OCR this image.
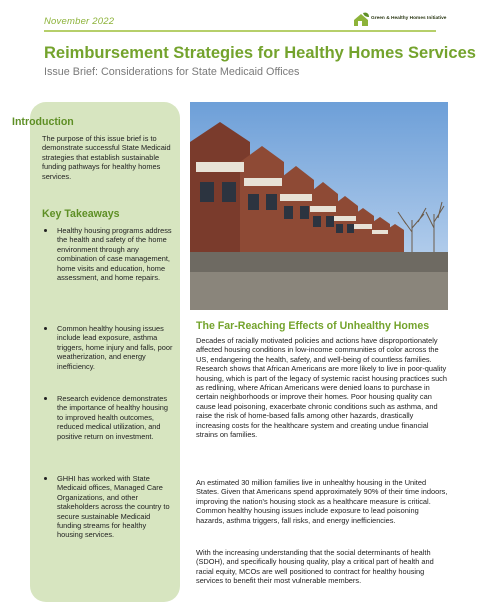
November 2022	Green & Healthy Homes Initiative
Reimbursement Strategies for Healthy Homes Services
Issue Brief: Considerations for State Medicaid Offices
Introduction

The purpose of this issue brief is to demonstrate successful State Medicaid strategies that establish sustainable funding pathways for healthy homes services.

Key Takeaways
Healthy housing programs address the health and safety of the home environment through any combination of case management, home visits and education, home assessment, and home repairs.
Common healthy housing issues include lead exposure, asthma triggers, home injury and falls, poor weatherization, and energy inefficiency.
Research evidence demonstrates the importance of healthy housing to improved health outcomes, reduced medical utilization, and positive return on investment.
GHHI has worked with State Medicaid offices, Managed Care Organizations, and other stakeholders across the country to secure sustainable Medicaid funding streams for healthy housing services.
The Far-Reaching Effects of Unhealthy Homes

Decades of racially motivated policies and actions have disproportionately affected housing conditions in low-income communities of color across the US, endangering the health, safety, and well-being of countless families. Research shows that African Americans are more likely to live in poor-quality housing, which is part of the legacy of systemic racist housing practices such as redlining, where African Americans were denied loans to purchase in certain neighborhoods or improve their homes. Poor housing quality can cause lead poisoning, exacerbate chronic conditions such as asthma, and raise the risk of home-based falls among other hazards, drastically increasing costs for the healthcare system and creating undue financial strains on families.

An estimated 30 million families live in unhealthy housing in the United States. Given that Americans spend approximately 90% of their time indoors, improving the nation's housing stock as a healthcare measure is critical. Common healthy housing issues include exposure to lead poisoning hazards, asthma triggers, fall risks, and energy inefficiencies.

With the increasing understanding that the social determinants of health (SDOH), and specifically housing quality, play a critical part of health and racial equity, MCOs are well positioned to contract for healthy housing services to benefit their most vulnerable members.
